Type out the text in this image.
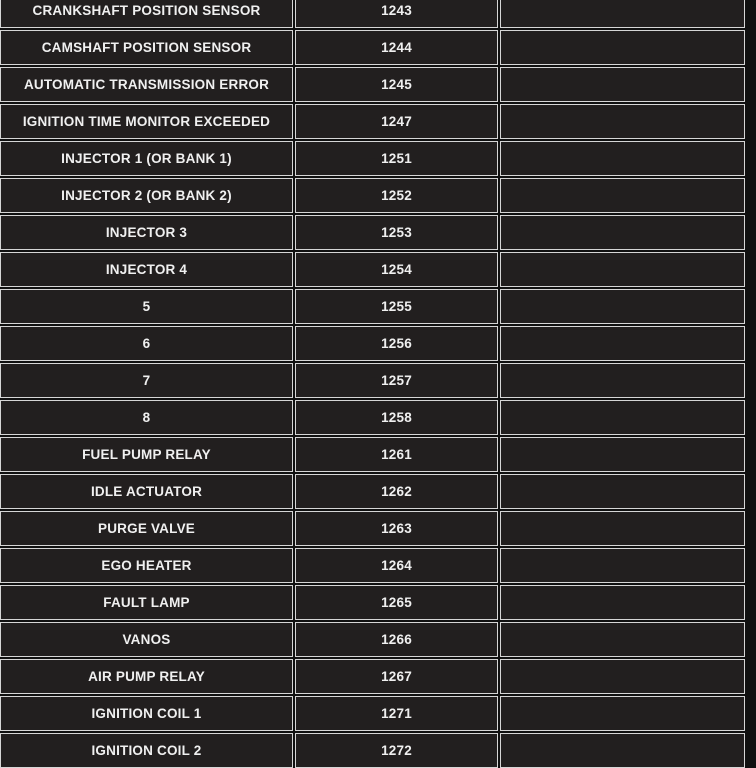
CRANKSHAFT POSITION SENSOR	1243	
CAMSHAFT POSITION SENSOR	1244	
AUTOMATIC TRANSMISSION ERROR	1245	
IGNITION TIME MONITOR EXCEEDED	1247	
INJECTOR 1 (OR BANK 1)	1251	
INJECTOR 2 (OR BANK 2)	1252	
INJECTOR 3	1253	
INJECTOR 4	1254	
5	1255	
6	1256	
7	1257	
8	1258	
FUEL PUMP RELAY	1261	
IDLE ACTUATOR	1262	
PURGE VALVE	1263	
EGO HEATER	1264	
FAULT LAMP	1265	
VANOS	1266	
AIR PUMP RELAY	1267	
IGNITION COIL 1	1271	
IGNITION COIL 2	1272	
